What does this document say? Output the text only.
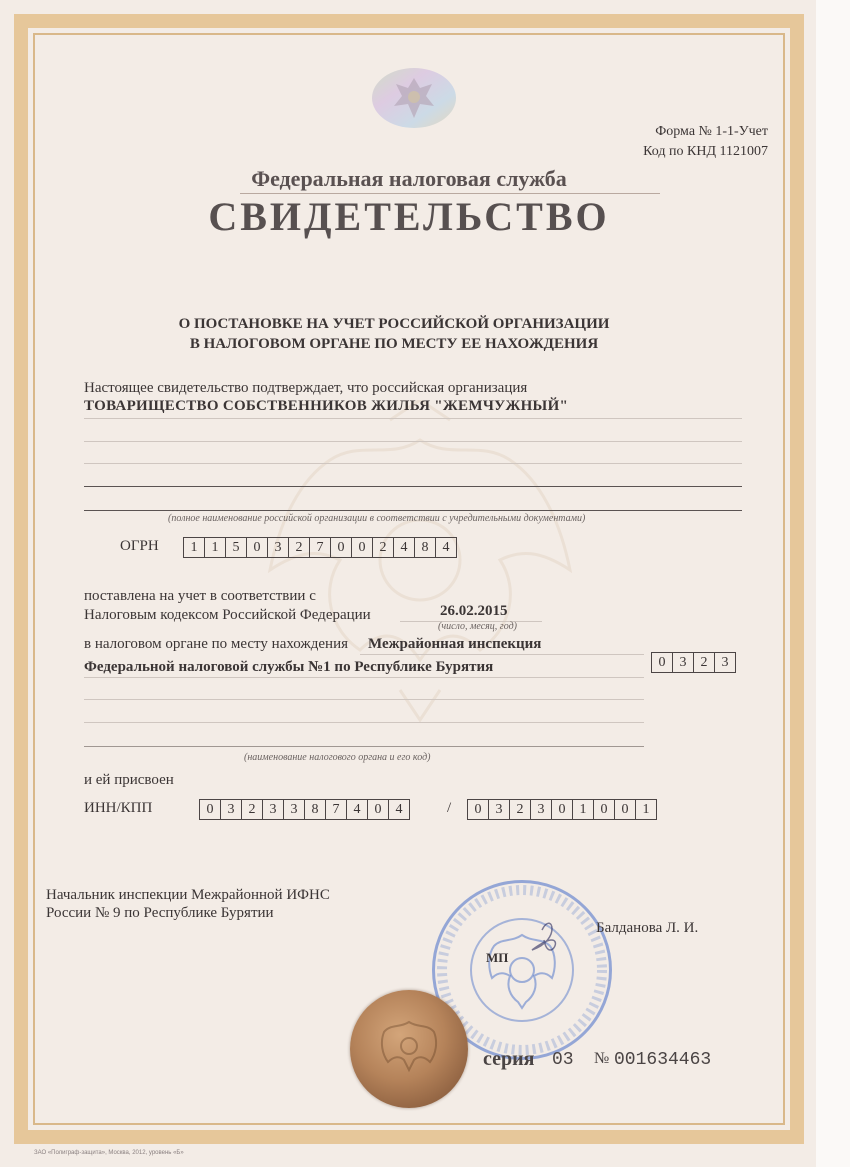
Форма № 1-1-Учет
Код по КНД 1121007
Федеральная налоговая служба
СВИДЕТЕЛЬСТВО
О ПОСТАНОВКЕ НА УЧЕТ РОССИЙСКОЙ ОРГАНИЗАЦИИ
В НАЛОГОВОМ ОРГАНЕ ПО МЕСТУ ЕЕ НАХОЖДЕНИЯ
Настоящее свидетельство подтверждает, что российская организация
ТОВАРИЩЕСТВО СОБСТВЕННИКОВ ЖИЛЬЯ "ЖЕМЧУЖНЫЙ"
(полное наименование российской организации в соответствии с учредительными документами)
ОГРН	1	1	5	0	3	2	7	0	0	2	4	8	4
поставлена на учет в соответствии с
Налоговым кодексом Российской Федерации	26.02.2015
(число, месяц, год)
в налоговом органе по месту нахождения Межрайонная инспекция
Федеральной налоговой службы №1 по Республике Бурятия	0	3	2	3
(наименование налогового органа и его код)
и ей присвоен
ИНН/КПП	0	3	2	3	3	8	7	4	0	4	/	0	3	2	3	0	1	0	0	1
Начальник инспекции Межрайонной ИФНС
России № 9 по Республике Бурятии
Балданова Л. И.
МП
серия 03 № 001634463
ЗАО «Полиграф-защита», Москва, 2012, уровень «Б»
